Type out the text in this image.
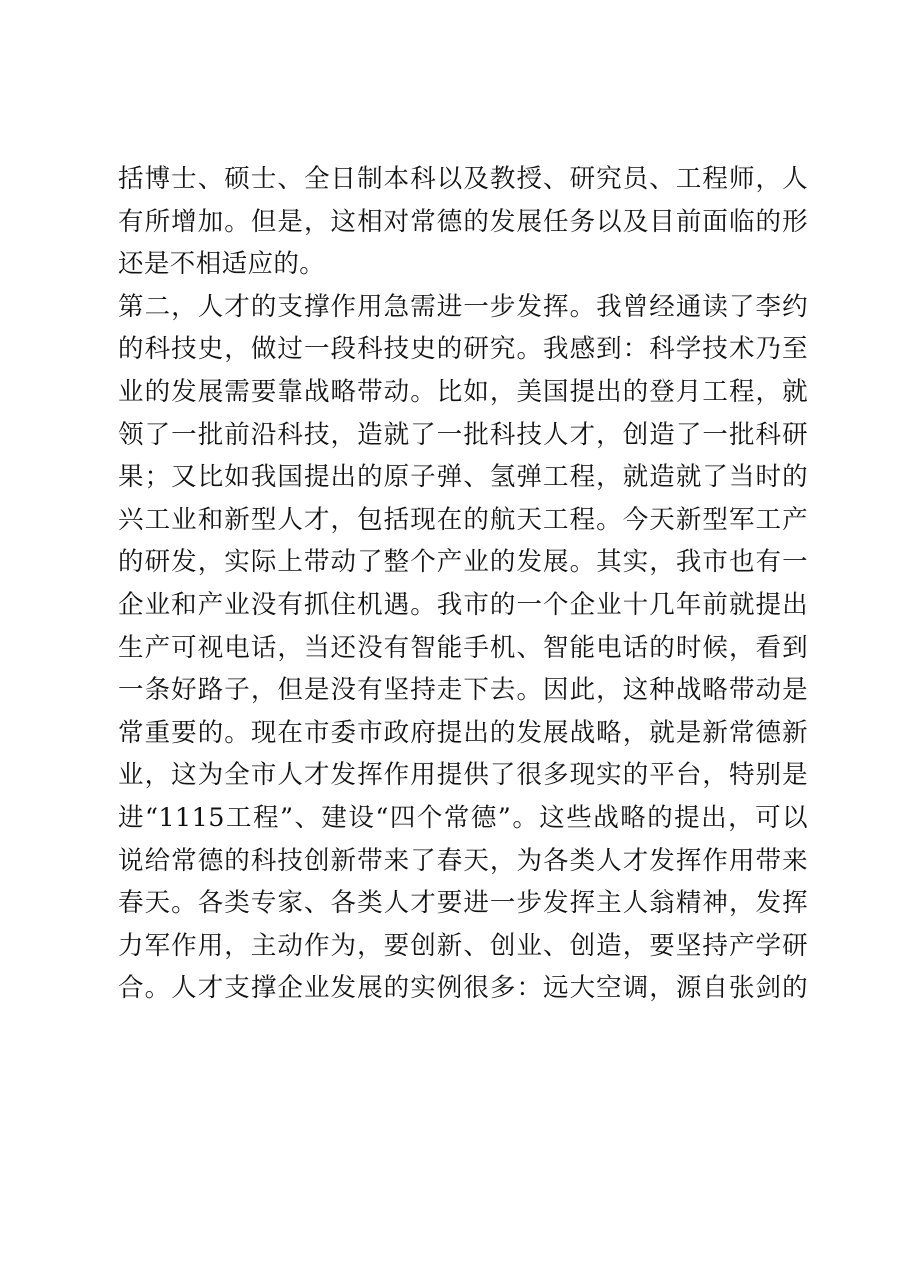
括博士、硕士、全日制本科以及教授、研究员、工程师，人
有所增加。但是，这相对常德的发展任务以及目前面临的形
还是不相适应的。
第二，人才的支撑作用急需进一步发挥。我曾经通读了李约
的科技史，做过一段科技史的研究。我感到：科学技术乃至
业的发展需要靠战略带动。比如，美国提出的登月工程，就
领了一批前沿科技，造就了一批科技人才，创造了一批科研
果；又比如我国提出的原子弹、氢弹工程，就造就了当时的
兴工业和新型人才，包括现在的航天工程。今天新型军工产
的研发，实际上带动了整个产业的发展。其实，我市也有一
企业和产业没有抓住机遇。我市的一个企业十几年前就提出
生产可视电话，当还没有智能手机、智能电话的时候，看到
一条好路子，但是没有坚持走下去。因此，这种战略带动是
常重要的。现在市委市政府提出的发展战略，就是新常德新
业，这为全市人才发挥作用提供了很多现实的平台，特别是
进“1115工程”、建设“四个常德”。这些战略的提出，可以
说给常德的科技创新带来了春天，为各类人才发挥作用带来
春天。各类专家、各类人才要进一步发挥主人翁精神，发挥
力军作用，主动作为，要创新、创业、创造，要坚持产学研
合。人才支撑企业发展的实例很多：远大空调，源自张剑的
